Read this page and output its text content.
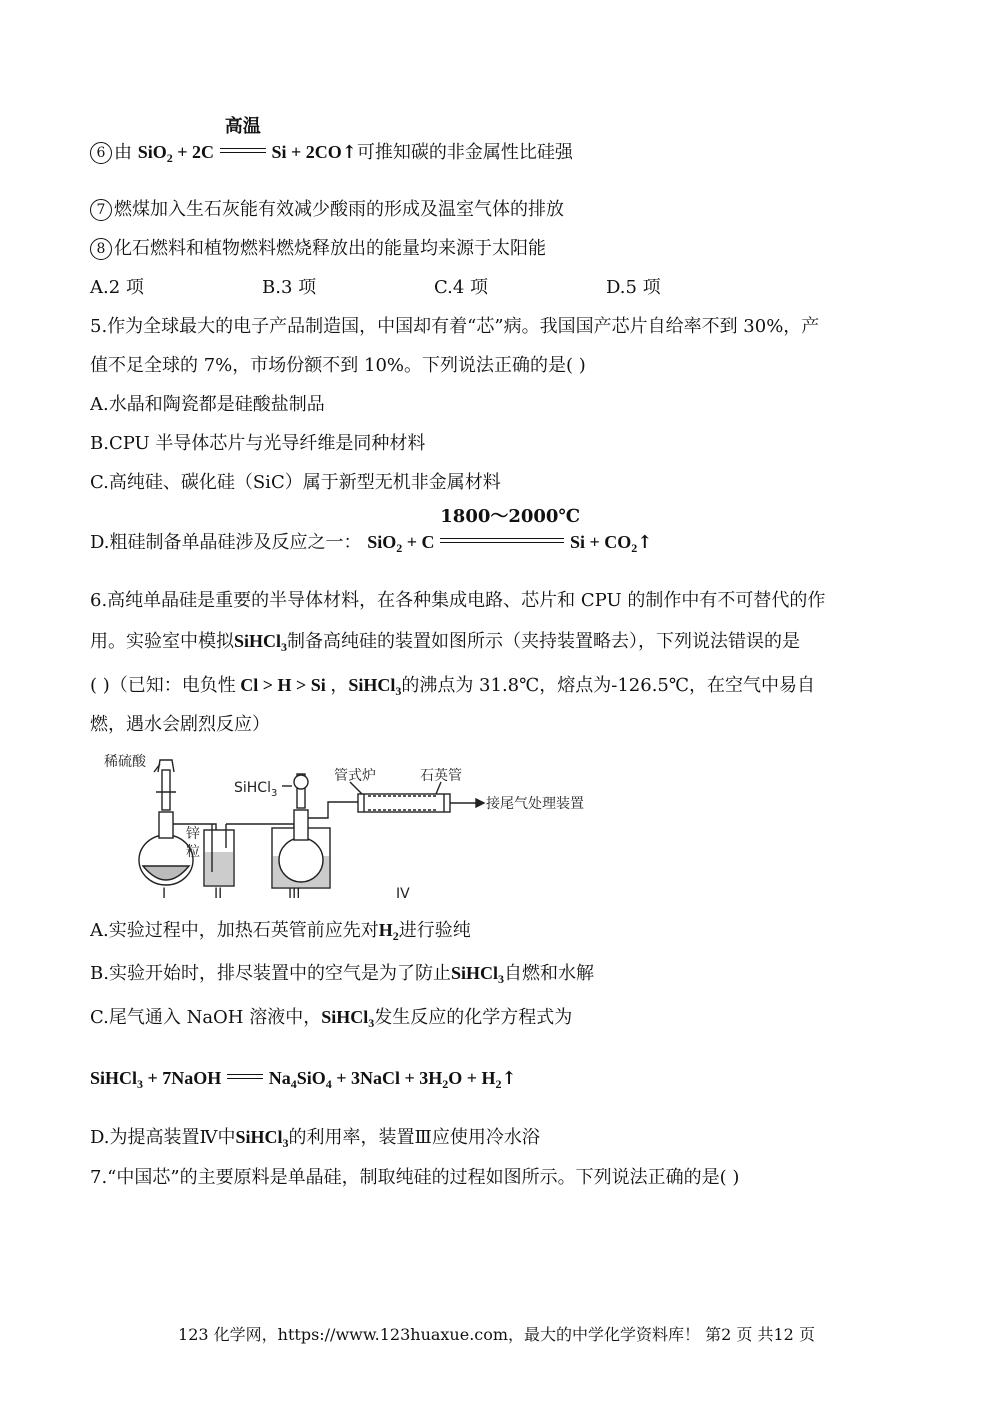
6 由 SiO$_2$ + 2C
高温
Si + 2CO↑可推知碳的非金属性比硅强
7 燃煤加入生石灰能有效减少酸雨的形成及温室气体的排放
8 化石燃料和植物燃料燃烧释放出的能量均来源于太阳能
A.2 项	B.3 项	C.4 项	D.5 项
5.作为全球最大的电子产品制造国，中国却有着“芯”病。我国国产芯片自给率不到 30%，产
值不足全球的 7%，市场份额不到 10%。下列说法正确的是( )
A.水晶和陶瓷都是硅酸盐制品
B.CPU 半导体芯片与光导纤维是同种材料
C.高纯硅、碳化硅（SiC）属于新型无机非金属材料
D.粗硅制备单晶硅涉及反应之一： SiO$_2$ + C
1800～2000℃
$Si + CO_2↑$
6.高纯单晶硅是重要的半导体材料，在各种集成电路、芯片和 CPU 的制作中有不可替代的作
用。实验室中模拟SiHCl$_3$制备高纯硅的装置如图所示（夹持装置略去），下列说法错误的是
( )（已知：电负性 Cl > H > Si ，SiHCl$_3$的沸点为 31.8℃，熔点为-126.5℃，在空气中易自
燃，遇水会剧烈反应）
稀硫酸
SiHCl$_3$
管式炉	石英管
接尾气处理装置
锌
粒
I	II	III	IV
A.实验过程中，加热石英管前应先对$H_2$进行验纯
B.实验开始时，排尽装置中的空气是为了防止SiHCl$_3$自燃和水解
C.尾气通入 NaOH 溶液中，SiHCl$_3$发生反应的化学方程式为
SiHCl$_3$ + 7NaOH	$Na_4SiO_4$ + 3NaCl + $3H_2O$ + $H_2↑$
D.为提高装置Ⅳ中SiHCl$_3$的利用率，装置Ⅲ应使用冷水浴
7.“中国芯”的主要原料是单晶硅，制取纯硅的过程如图所示。下列说法正确的是( )
123 化学网，https://www.123huaxue.com，最大的中学化学资料库！ 第2 页 共12 页
